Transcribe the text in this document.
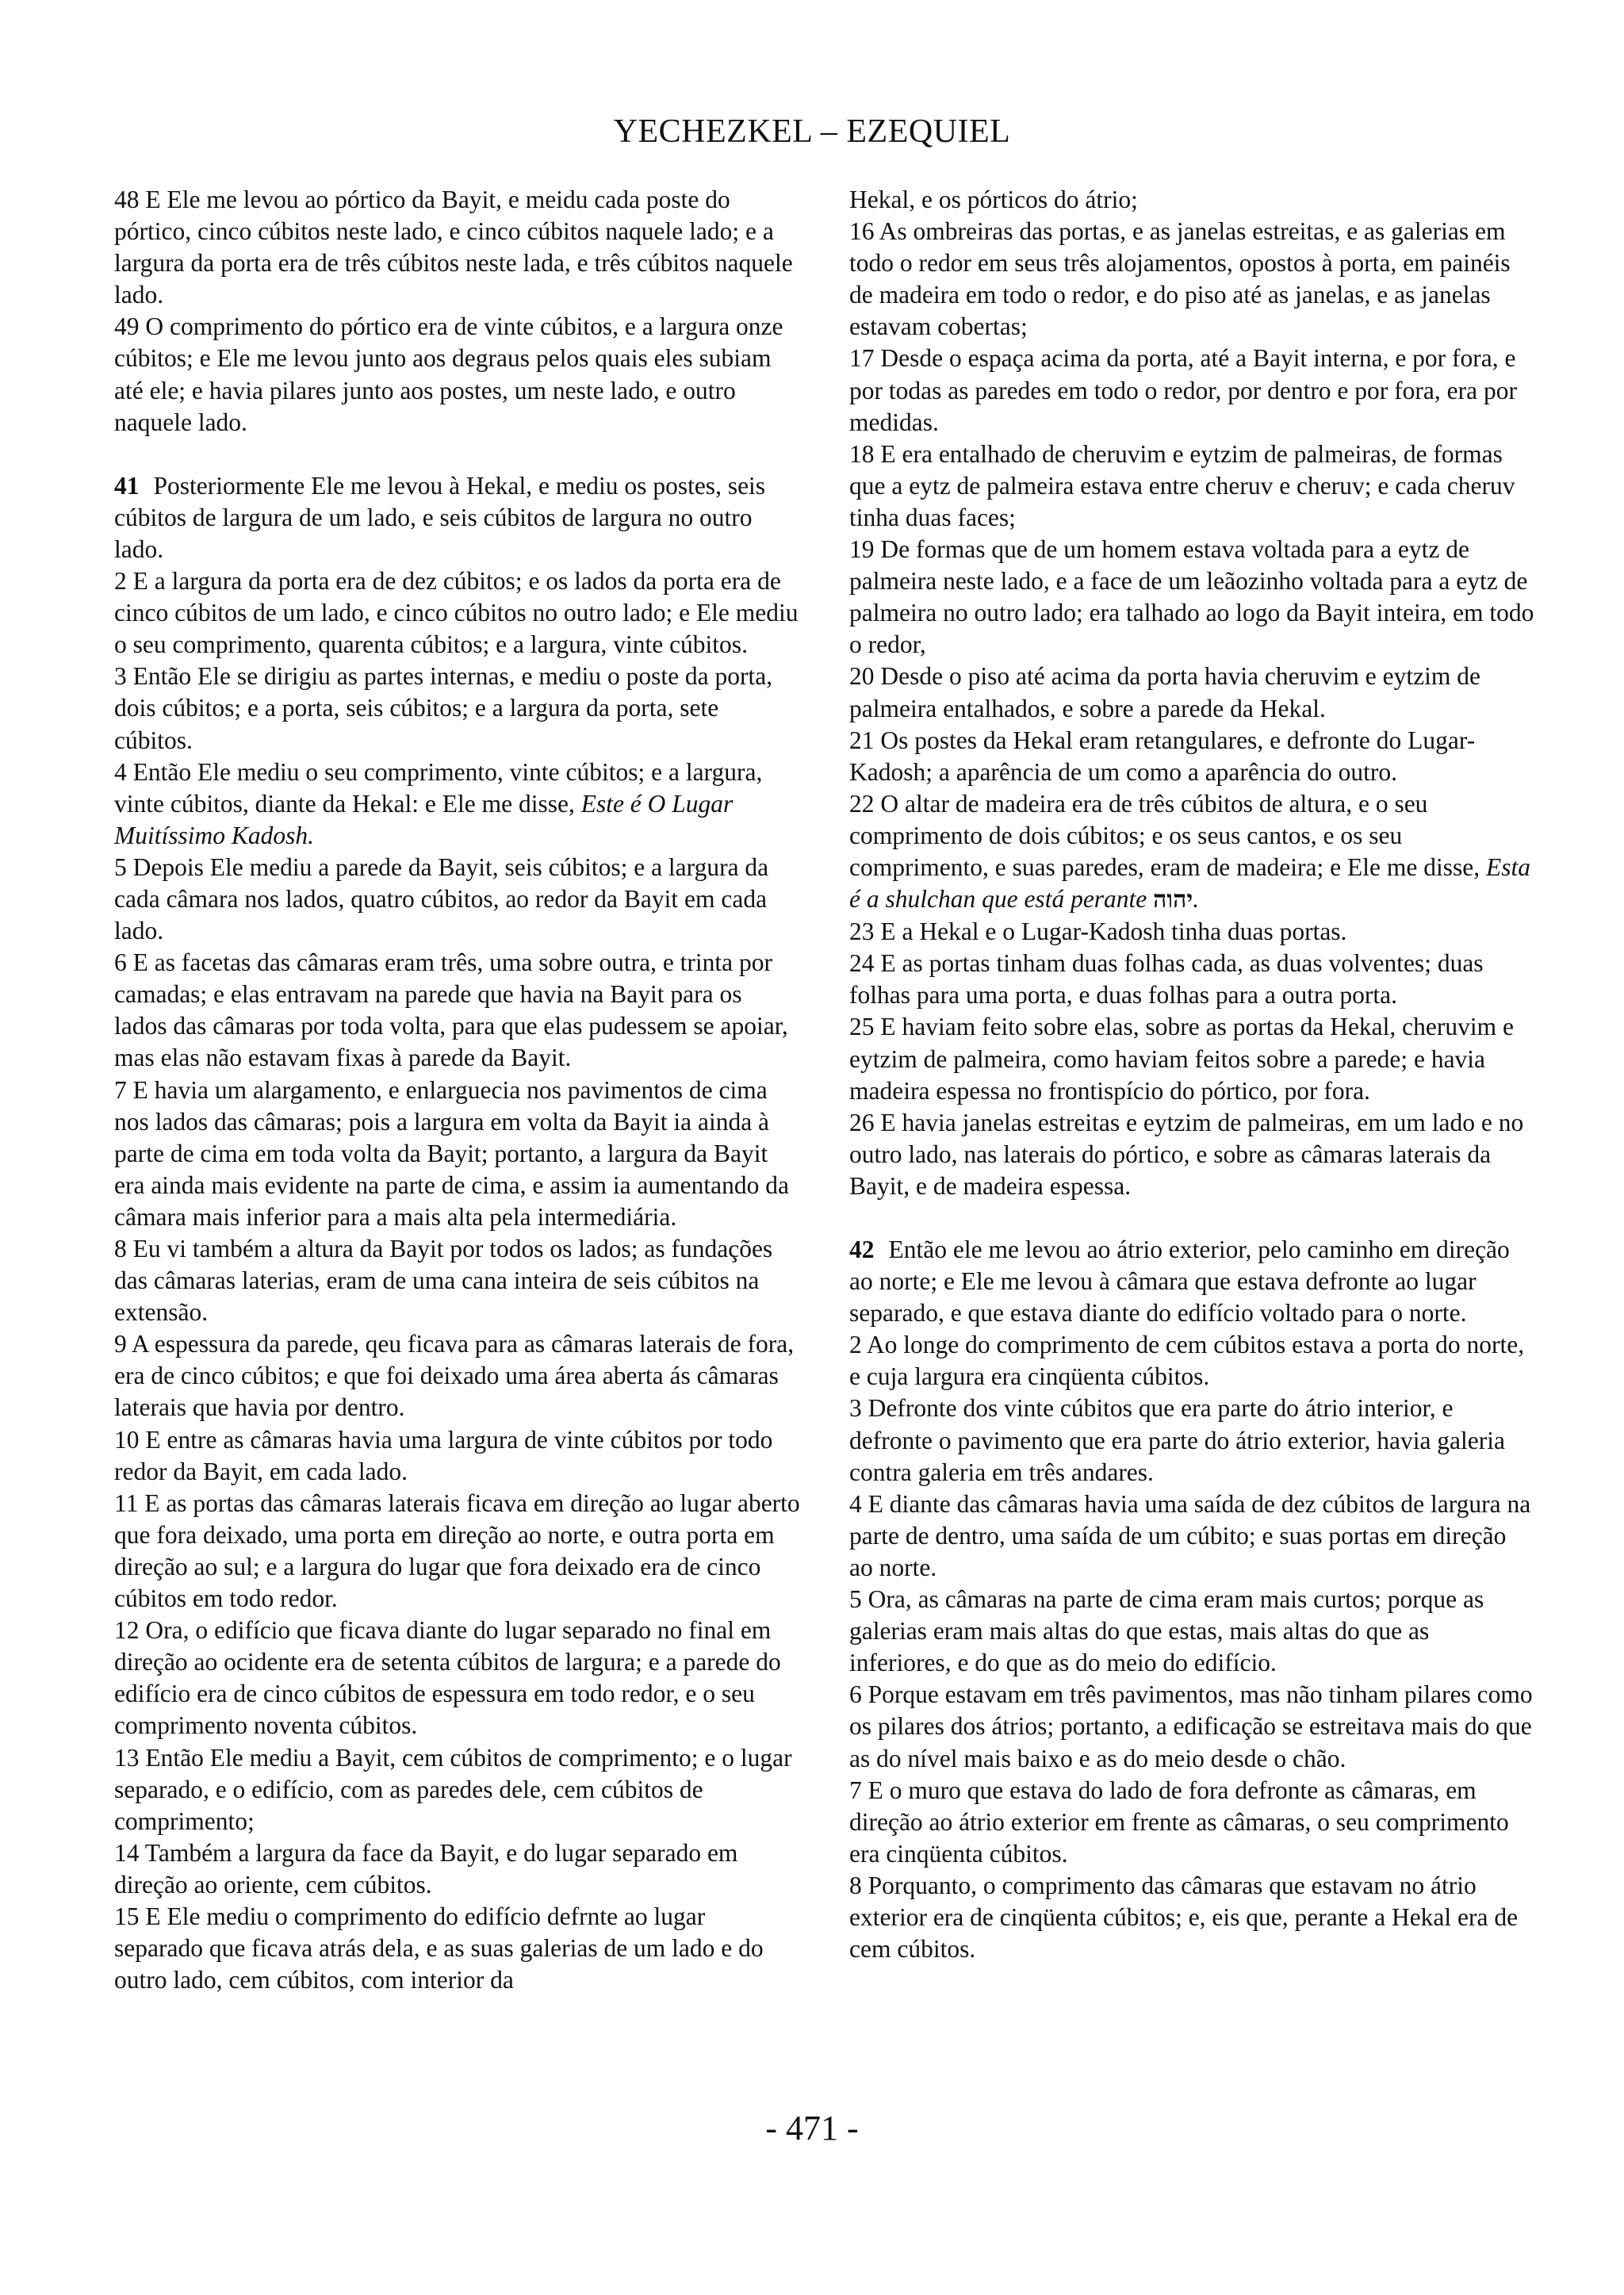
YECHEZKEL – EZEQUIEL

48 E Ele me levou ao pórtico da Bayit, e meidu cada poste do pórtico, cinco cúbitos neste lado, e cinco cúbitos naquele lado; e a largura da porta era de três cúbitos neste lada, e três cúbitos naquele lado.

49 O comprimento do pórtico era de vinte cúbitos, e a largura onze cúbitos; e Ele me levou junto aos degraus pelos quais eles subiam até ele; e havia pilares junto aos postes, um neste lado, e outro naquele lado.

41 Posteriormente Ele me levou à Hekal, e mediu os postes, seis cúbitos de largura de um lado, e seis cúbitos de largura no outro lado.

2 E a largura da porta era de dez cúbitos; e os lados da porta era de cinco cúbitos de um lado, e cinco cúbitos no outro lado; e Ele mediu o seu comprimento, quarenta cúbitos; e a largura, vinte cúbitos.

3 Então Ele se dirigiu as partes internas, e mediu o poste da porta, dois cúbitos; e a porta, seis cúbitos; e a largura da porta, sete cúbitos.

4 Então Ele mediu o seu comprimento, vinte cúbitos; e a largura, vinte cúbitos, diante da Hekal: e Ele me disse, Este é O Lugar Muitíssimo Kadosh.

5 Depois Ele mediu a parede da Bayit, seis cúbitos; e a largura da cada câmara nos lados, quatro cúbitos, ao redor da Bayit em cada lado.

6 E as facetas das câmaras eram três, uma sobre outra, e trinta por camadas; e elas entravam na parede que havia na Bayit para os lados das câmaras por toda volta, para que elas pudessem se apoiar, mas elas não estavam fixas à parede da Bayit.

7 E havia um alargamento, e enlarguecia nos pavimentos de cima nos lados das câmaras; pois a largura em volta da Bayit ia ainda à parte de cima em toda volta da Bayit; portanto, a largura da Bayit era ainda mais evidente na parte de cima, e assim ia aumentando da câmara mais inferior para a mais alta pela intermediária.

8 Eu vi também a altura da Bayit por todos os lados; as fundações das câmaras laterias, eram de uma cana inteira de seis cúbitos na extensão.

9 A espessura da parede, qeu ficava para as câmaras laterais de fora, era de cinco cúbitos; e que foi deixado uma área aberta ás câmaras laterais que havia por dentro.

10 E entre as câmaras havia uma largura de vinte cúbitos por todo redor da Bayit, em cada lado.

11 E as portas das câmaras laterais ficava em direção ao lugar aberto que fora deixado, uma porta em direção ao norte, e outra porta em direção ao sul; e a largura do lugar que fora deixado era de cinco cúbitos em todo redor.

12 Ora, o edifício que ficava diante do lugar separado no final em direção ao ocidente era de setenta cúbitos de largura; e a parede do edifício era de cinco cúbitos de espessura em todo redor, e o seu comprimento noventa cúbitos.

13 Então Ele mediu a Bayit, cem cúbitos de comprimento; e o lugar separado, e o edifício, com as paredes dele, cem cúbitos de comprimento;

14 Também a largura da face da Bayit, e do lugar separado em direção ao oriente, cem cúbitos.

15 E Ele mediu o comprimento do edifício defrnte ao lugar separado que ficava atrás dela, e as suas galerias de um lado e do outro lado, cem cúbitos, com interior da

Hekal, e os pórticos do átrio;

16 As ombreiras das portas, e as janelas estreitas, e as galerias em todo o redor em seus três alojamentos, opostos à porta, em painéis de madeira em todo o redor, e do piso até as janelas, e as janelas estavam cobertas;

17 Desde o espaça acima da porta, até a Bayit interna, e por fora, e por todas as paredes em todo o redor, por dentro e por fora, era por medidas.

18 E era entalhado de cheruvim e eytzim de palmeiras, de formas que a eytz de palmeira estava entre cheruv e cheruv; e cada cheruv tinha duas faces;

19 De formas que de um homem estava voltada para a eytz de palmeira neste lado, e a face de um leãozinho voltada para a eytz de palmeira no outro lado; era talhado ao logo da Bayit inteira, em todo o redor,

20 Desde o piso até acima da porta havia cheruvim e eytzim de palmeira entalhados, e sobre a parede da Hekal.

21 Os postes da Hekal eram retangulares, e defronte do Lugar-Kadosh; a aparência de um como a aparência do outro.

22 O altar de madeira era de três cúbitos de altura, e o seu comprimento de dois cúbitos; e os seus cantos, e os seu comprimento, e suas paredes, eram de madeira; e Ele me disse, Esta é a shulchan que está perante יהוה.

23 E a Hekal e o Lugar-Kadosh tinha duas portas.

24 E as portas tinham duas folhas cada, as duas volventes; duas folhas para uma porta, e duas folhas para a outra porta.

25 E haviam feito sobre elas, sobre as portas da Hekal, cheruvim e eytzim de palmeira, como haviam feitos sobre a parede; e havia madeira espessa no frontispício do pórtico, por fora.

26 E havia janelas estreitas e eytzim de palmeiras, em um lado e no outro lado, nas laterais do pórtico, e sobre as câmaras laterais da Bayit, e de madeira espessa.

42 Então ele me levou ao átrio exterior, pelo caminho em direção ao norte; e Ele me levou à câmara que estava defronte ao lugar separado, e que estava diante do edifício voltado para o norte.

2 Ao longe do comprimento de cem cúbitos estava a porta do norte, e cuja largura era cinqüenta cúbitos.

3 Defronte dos vinte cúbitos que era parte do átrio interior, e defronte o pavimento que era parte do átrio exterior, havia galeria contra galeria em três andares.

4 E diante das câmaras havia uma saída de dez cúbitos de largura na parte de dentro, uma saída de um cúbito; e suas portas em direção ao norte.

5 Ora, as câmaras na parte de cima eram mais curtos; porque as galerias eram mais altas do que estas, mais altas do que as inferiores, e do que as do meio do edifício.

6 Porque estavam em três pavimentos, mas não tinham pilares como os pilares dos átrios; portanto, a edificação se estreitava mais do que as do nível mais baixo e as do meio desde o chão.

7 E o muro que estava do lado de fora defronte as câmaras, em direção ao átrio exterior em frente as câmaras, o seu comprimento era cinqüenta cúbitos.

8 Porquanto, o comprimento das câmaras que estavam no átrio exterior era de cinqüenta cúbitos; e, eis que, perante a Hekal era de cem cúbitos.

- 471 -
